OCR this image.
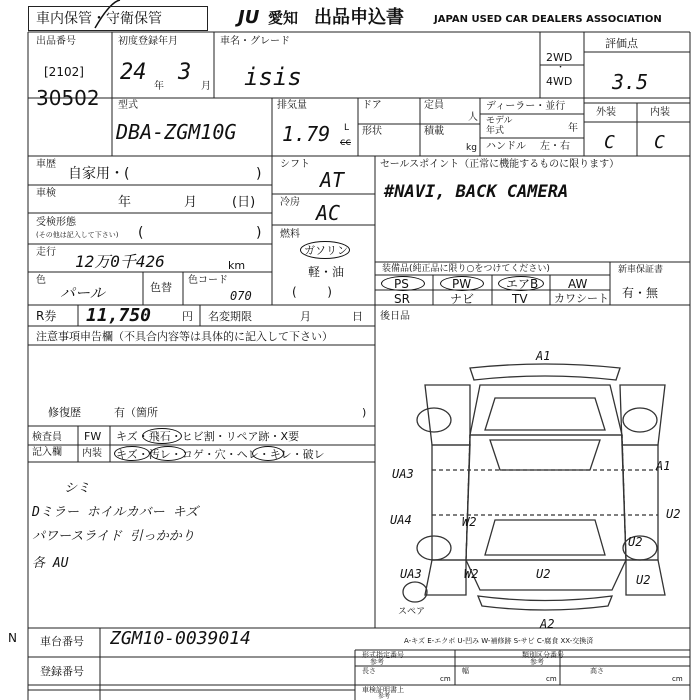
車内保管・守衛保管	JU 愛知 出品申込書	JAPAN USED CAR DEALERS ASSOCIATION
出品番号
[2102]
30502
初度登録年月
24
年
3
月
車名・グレード
isis
2WD
・
4WD
評価点
3.5
外装	内装
C C
型式
DBA-ZGM10G
排気量
1.79 L
cc
ドア
形状
定員
人
積載
kg
ディーラー・並行
モデル
年式	年
ハンドル 左・右
車歴
自家用・(	)
車検
年	月	(日)
受検形態
(その他は記入して下さい) (	)
走行 12万0千426	km
色
パール	色替
色コード
070
シフト
AT
冷房 AC
燃料
ガソリン
軽・油
(        )
セールスポイント（正常に機能するものに限ります）
#NAVI, BACK CAMERA
装備品(純正品に限り○をつけてください)
PS	PW	エアB AW
SR	ナビ	TV カワシート
新車保証書
有・無
R券 11,750	円 名変期限	月	日 後日品
注意事項申告欄（不具合内容等は具体的に記入して下さい）
修復歴	有（箇所	)
検査員
記入欄
FW キズ・飛石・ヒビ割・リペア跡・X要
内装 キズ・汚レ・コゲ・穴・ヘレ・キレ・破レ
シミ
Dミラー ホイルカバー キズ
パワースライド 引っかかり
各 AU
A1
A1
U2
UA3
UA4	W2
W2	U2
UA3	U2
A2
U2
スペア
A-キズ E-エクボ U-凹み W-補修跡 S-サビ C-腐食 XX-交換済
N 車台番号 ZGM10-0039014
登録番号
形式指定番号
参考
類別区分番号
参考
長さ
cm
幅
cm
高さ
cm
車検証明書上
参考
